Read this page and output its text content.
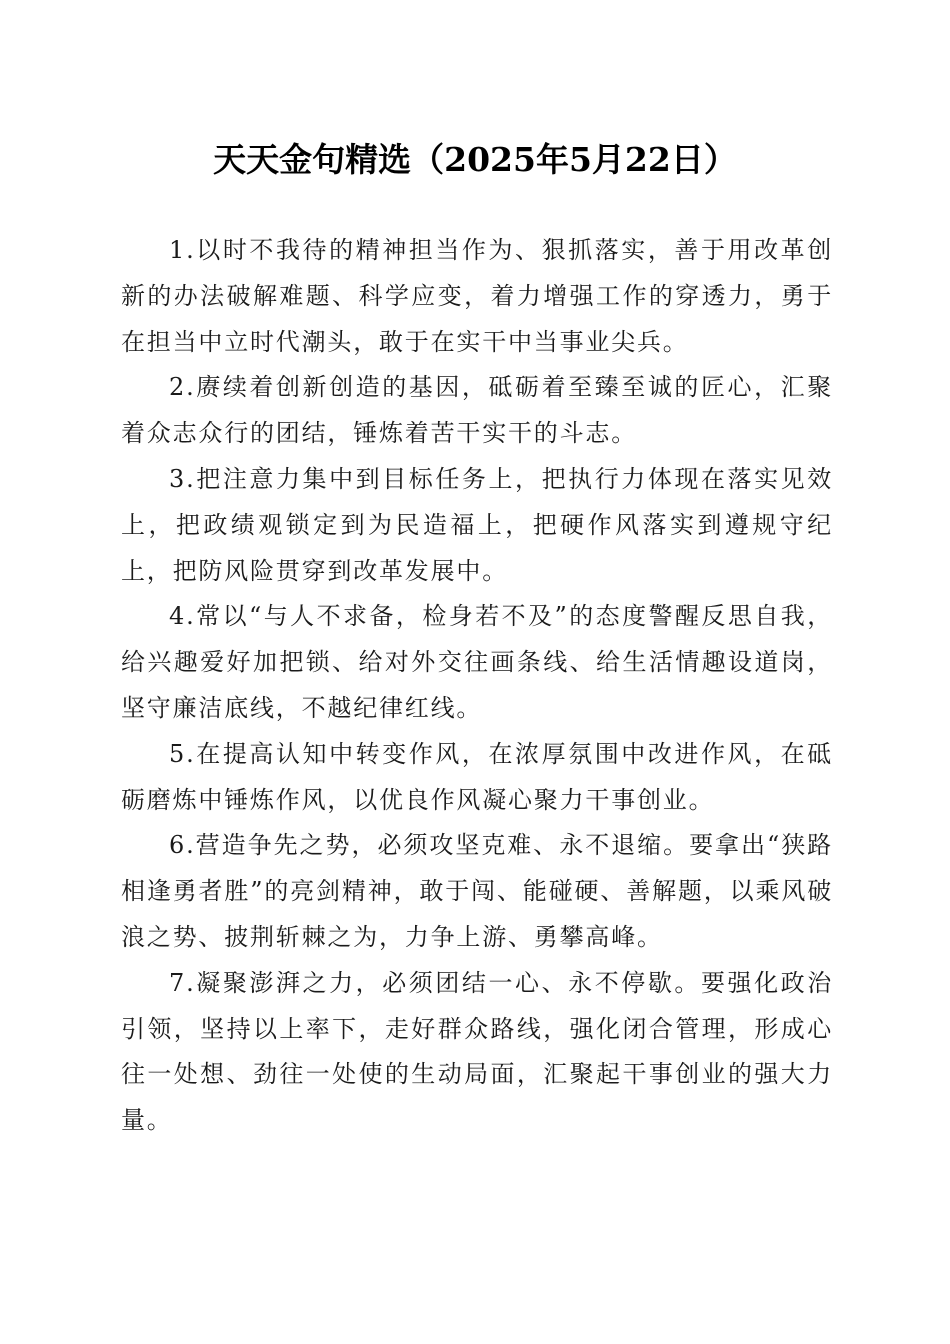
天天金句精选（2025年5月22日）

1.以时不我待的精神担当作为、狠抓落实，善于用改革创新的办法破解难题、科学应变，着力增强工作的穿透力，勇于在担当中立时代潮头，敢于在实干中当事业尖兵。

2.赓续着创新创造的基因，砥砺着至臻至诚的匠心，汇聚着众志众行的团结，锤炼着苦干实干的斗志。

3.把注意力集中到目标任务上，把执行力体现在落实见效上，把政绩观锁定到为民造福上，把硬作风落实到遵规守纪上，把防风险贯穿到改革发展中。

4.常以“与人不求备，检身若不及”的态度警醒反思自我，给兴趣爱好加把锁、给对外交往画条线、给生活情趣设道岗，坚守廉洁底线，不越纪律红线。

5.在提高认知中转变作风，在浓厚氛围中改进作风，在砥砺磨炼中锤炼作风，以优良作风凝心聚力干事创业。

6.营造争先之势，必须攻坚克难、永不退缩。要拿出“狭路相逢勇者胜”的亮剑精神，敢于闯、能碰硬、善解题，以乘风破浪之势、披荆斩棘之为，力争上游、勇攀高峰。

7.凝聚澎湃之力，必须团结一心、永不停歇。要强化政治引领，坚持以上率下，走好群众路线，强化闭合管理，形成心往一处想、劲往一处使的生动局面，汇聚起干事创业的强大力量。
